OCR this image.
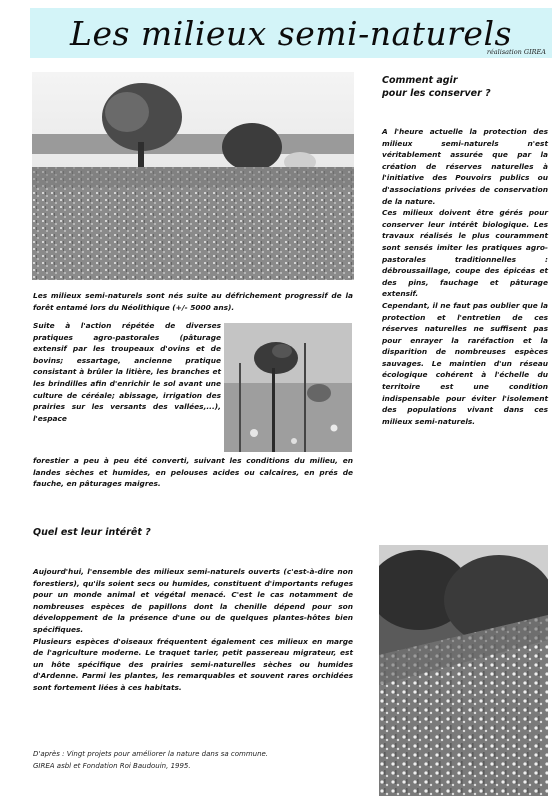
Les milieux semi-naturels
réalisation GIREA
Les milieux semi-naturels sont nés suite au défrichement progressif de la forêt entamé lors du Néolithique (+/- 5000 ans).
Suite à l'action répétée de diverses pratiques agro-pastorales (pâturage extensif par les troupeaux d'ovins et de bovins; essartage, ancienne pratique consistant à brûler la litière, les branches et les brindilles afin d'enrichir le sol avant une culture de céréale; abissage, irrigation des prairies sur les versants des vallées,...), l'espace
forestier a peu à peu été converti, suivant les conditions du milieu, en landes sèches et humides, en pelouses acides ou calcaires, en prés de fauche, en pâturages maigres.
Quel est leur intérêt ?

Aujourd'hui, l'ensemble des milieux semi-naturels ouverts (c'est-à-dire non forestiers), qu'ils soient secs ou humides, constituent d'importants refuges pour un monde animal et végétal menacé. C'est le cas notamment de nombreuses espèces de papillons dont la chenille dépend pour son développement de la présence d'une ou de quelques plantes-hôtes bien spécifiques.

Plusieurs espèces d'oiseaux fréquentent également ces milieux en marge de l'agriculture moderne. Le traquet tarier, petit passereau migrateur, est un hôte spécifique des prairies semi-naturelles sèches ou humides d'Ardenne. Parmi les plantes, les remarquables et souvent rares orchidées sont fortement liées à ces habitats.

Comment agir
pour les conserver ?

A l'heure actuelle la protection des milieux semi-naturels n'est véritablement assurée que par la création de réserves naturelles à l'initiative des Pouvoirs publics ou d'associations privées de conservation de la nature.

Ces milieux doivent être gérés pour conserver leur intérêt biologique. Les travaux réalisés le plus couramment sont sensés imiter les pratiques agro-pastorales traditionnelles : débroussaillage, coupe des épicéas et des pins, fauchage et pâturage extensif.

Cependant, il ne faut pas oublier que la protection et l'entretien de ces réserves naturelles ne suffisent pas pour enrayer la raréfaction et la disparition de nombreuses espèces sauvages. Le maintien d'un réseau écologique cohérent à l'échelle du territoire est une condition indispensable pour éviter l'isolement des populations vivant dans ces milieux semi-naturels.

D'après : Vingt projets pour améliorer la nature dans sa commune.
GIREA asbl et Fondation Roi Baudouin, 1995.
